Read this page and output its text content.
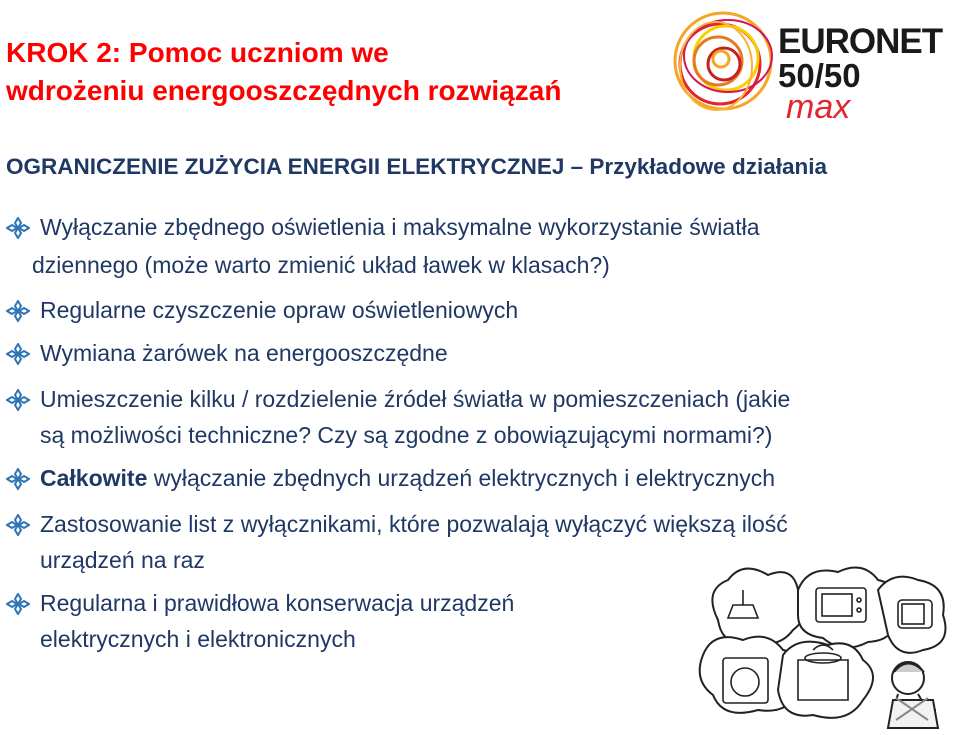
KROK 2: Pomoc uczniom we
wdrożeniu energooszczędnych rozwiązań
EURONET
50/50
max
OGRANICZENIE ZUŻYCIA ENERGII ELEKTRYCZNEJ – Przykładowe działania
Wyłączanie zbędnego oświetlenia i maksymalne wykorzystanie światła
dziennego (może warto zmienić układ ławek w klasach?)
Regularne czyszczenie opraw oświetleniowych
Wymiana żarówek na energooszczędne
Umieszczenie kilku / rozdzielenie źródeł światła w pomieszczeniach (jakie
są możliwości techniczne? Czy są zgodne z obowiązującymi normami?)
Całkowite wyłączanie zbędnych urządzeń elektrycznych i elektrycznych
Zastosowanie list z wyłącznikami, które pozwalają wyłączyć większą ilość
urządzeń na raz
Regularna i prawidłowa konserwacja urządzeń
elektrycznych i elektronicznych
